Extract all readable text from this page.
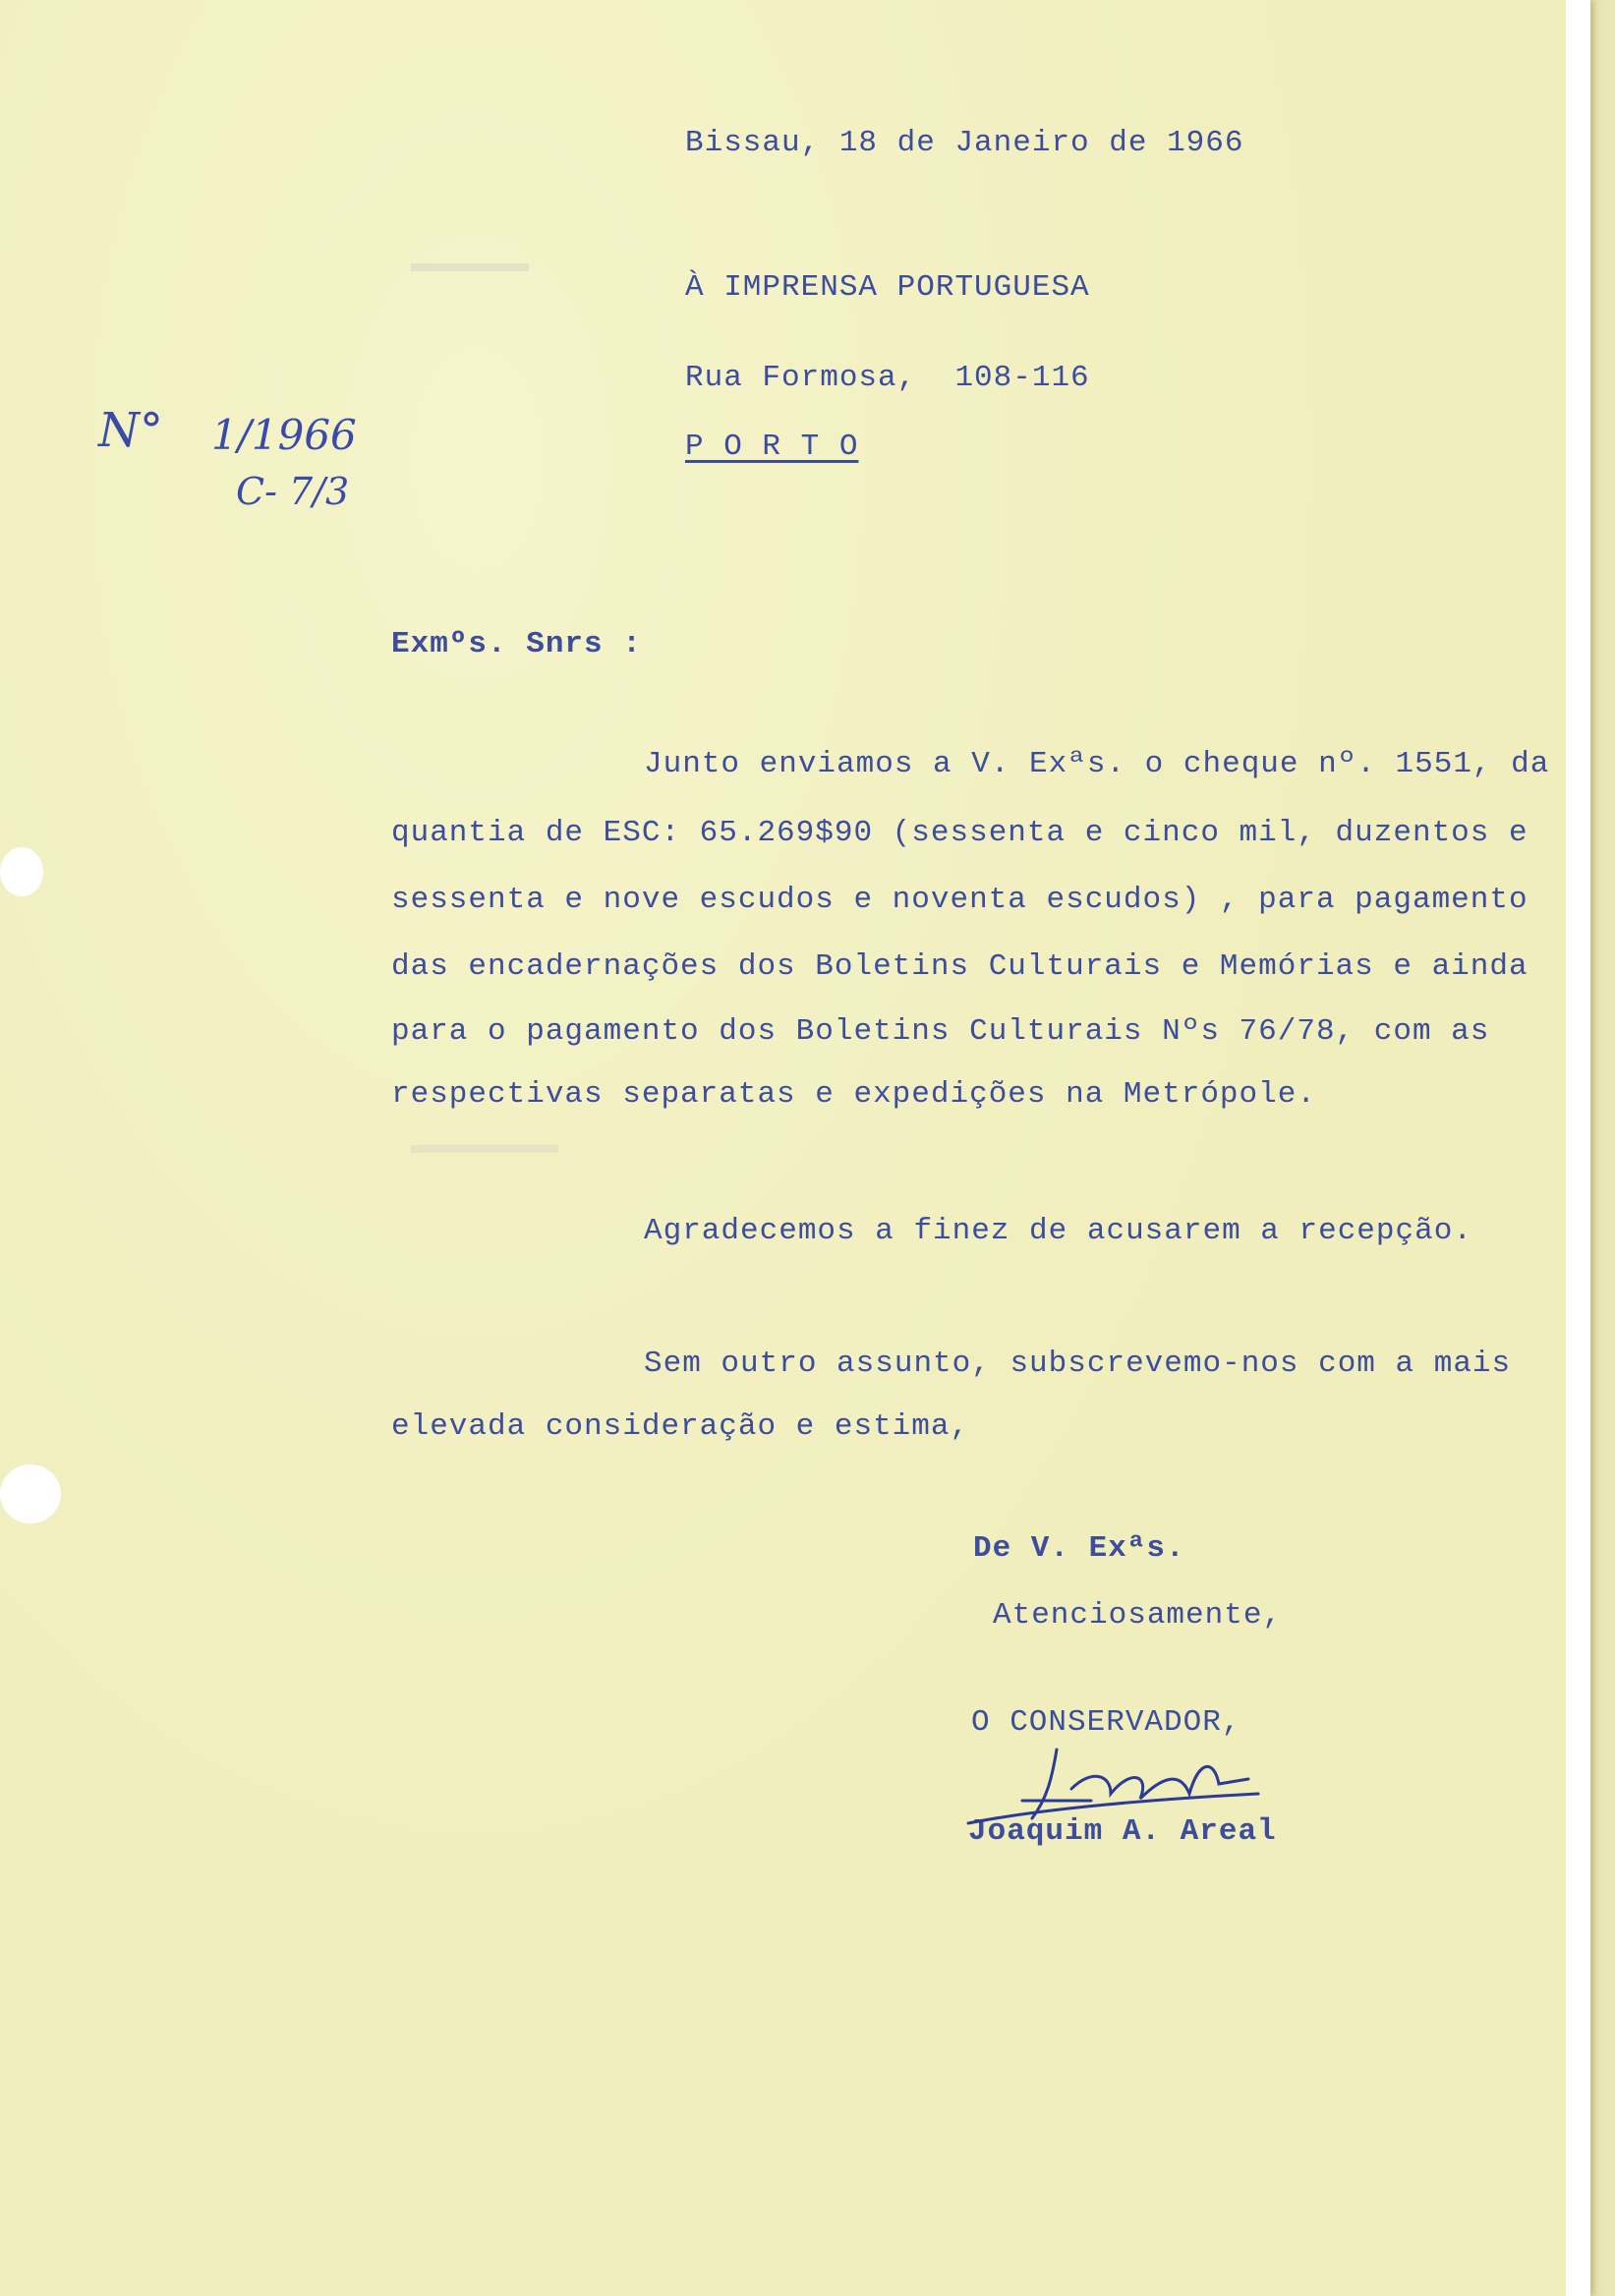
Bissau, 18 de Janeiro de 1966
À IMPRENSA PORTUGUESA
Rua Formosa,  108-116
P O R T O
N° 1/1966
C- 7/3
Exmºs. Snrs :
Junto enviamos a V. Exªs. o cheque nº. 1551, da
quantia de ESC: 65.269$90 (sessenta e cinco mil, duzentos e
sessenta e nove escudos e noventa escudos) , para pagamento
das encadernações dos Boletins Culturais e Memórias e ainda
para o pagamento dos Boletins Culturais Nºs 76/78, com as
respectivas separatas e expedições na Metrópole.
Agradecemos a finez de acusarem a recepção.
Sem outro assunto, subscrevemo-nos com a mais
elevada consideração e estima,
De V. Exªs.
Atenciosamente,
O CONSERVADOR,
Joaquim A. Areal
